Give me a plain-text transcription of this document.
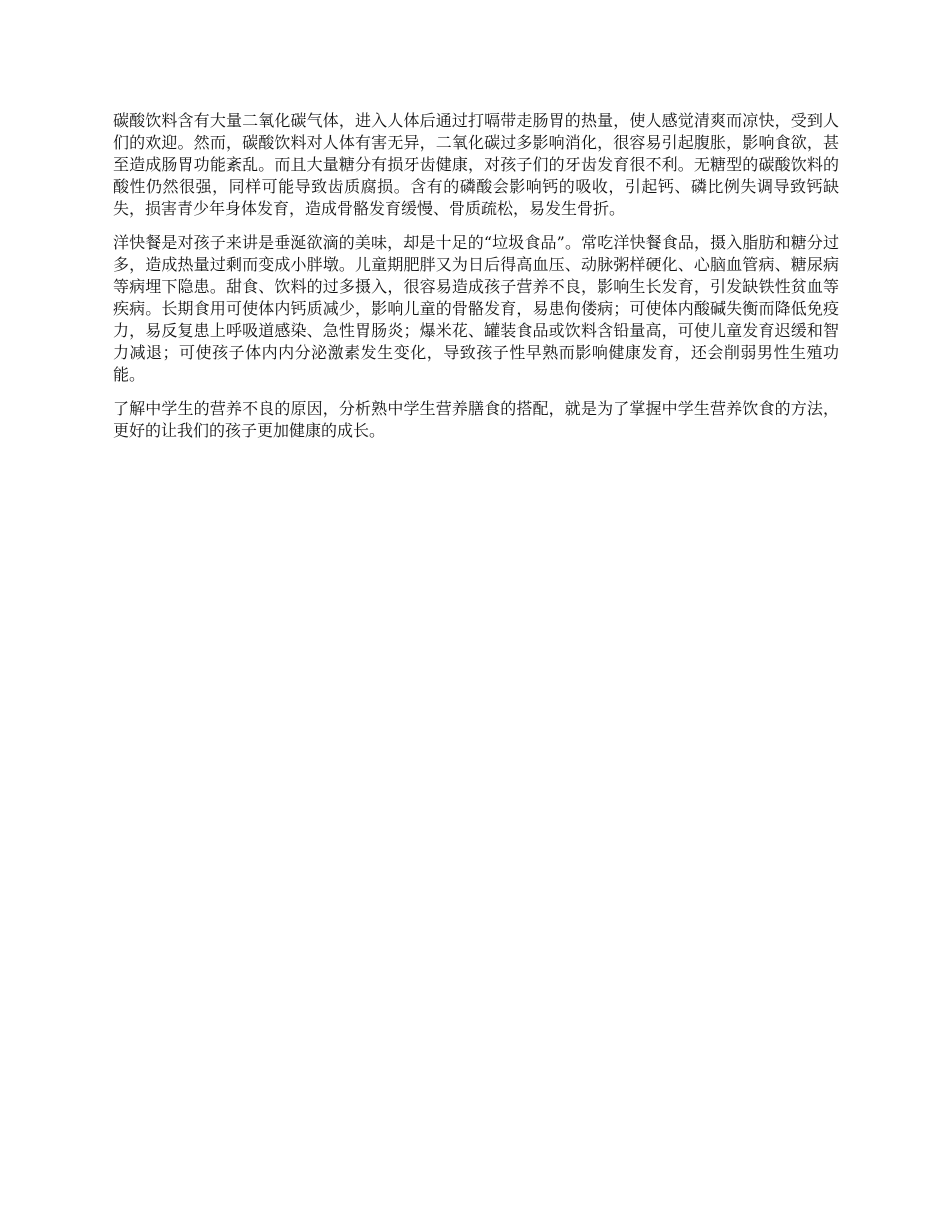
碳酸饮料含有大量二氧化碳气体，进入人体后通过打嗝带走肠胃的热量，使人感觉清爽而凉快，受到人们的欢迎。然而，碳酸饮料对人体有害无异，二氧化碳过多影响消化，很容易引起腹胀，影响食欲，甚至造成肠胃功能紊乱。而且大量糖分有损牙齿健康，对孩子们的牙齿发育很不利。无糖型的碳酸饮料的酸性仍然很强，同样可能导致齿质腐损。含有的磷酸会影响钙的吸收，引起钙、磷比例失调导致钙缺失，损害青少年身体发育，造成骨骼发育缓慢、骨质疏松，易发生骨折。

洋快餐是对孩子来讲是垂涎欲滴的美味，却是十足的“垃圾食品”。常吃洋快餐食品，摄入脂肪和糖分过多，造成热量过剩而变成小胖墩。儿童期肥胖又为日后得高血压、动脉粥样硬化、心脑血管病、糖尿病等病埋下隐患。甜食、饮料的过多摄入，很容易造成孩子营养不良，影响生长发育，引发缺铁性贫血等疾病。长期食用可使体内钙质减少，影响儿童的骨骼发育，易患佝偻病；可使体内酸碱失衡而降低免疫力，易反复患上呼吸道感染、急性胃肠炎；爆米花、罐装食品或饮料含铅量高，可使儿童发育迟缓和智力减退；可使孩子体内内分泌激素发生变化，导致孩子性早熟而影响健康发育，还会削弱男性生殖功能。

了解中学生的营养不良的原因，分析熟中学生营养膳食的搭配，就是为了掌握中学生营养饮食的方法，更好的让我们的孩子更加健康的成长。
